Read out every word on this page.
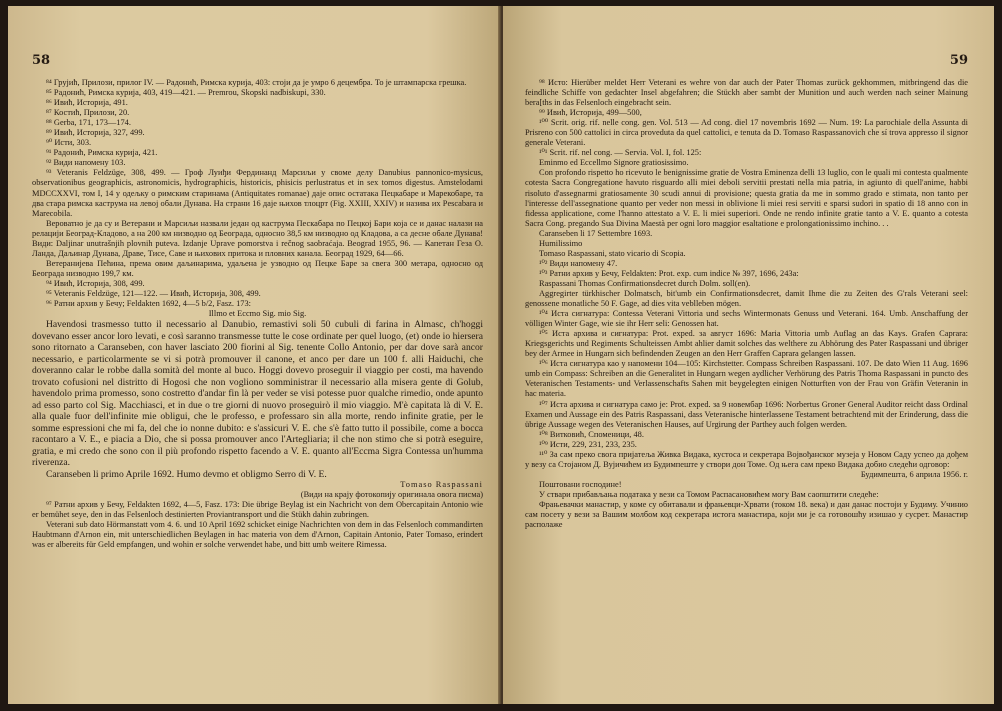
58

⁸⁴ Грујић, Прилози, прилог IV. — Радонић, Римска курија, 403: стоји да је умро 6 децембра. То је штампарска грешка.

⁸⁵ Радонић, Римска курија, 403, 419—421. — Premrou, Skopski nadbiskupi, 330.

⁸⁶ Ивић, Историја, 491.

⁸⁷ Костић, Прилози, 20.

⁸⁸ Gerba, 171, 173—174.

⁸⁹ Ивић, Историја, 327, 499.

⁹⁰ Исти, 303.

⁹¹ Радонић, Римска курија, 421.

⁹² Види напомену 103.

⁹³ Veteranis Feldzüge, 308, 499. — Гроф Луиђи Фердинанд Марсиљи у своме делу Danubius pannonico-mysicus, observationibus geographicis, astronomicis, hydrographicis, historicis, phisicis perlustratus et in sex tomos digestus. Amstelodami MDCCXXVI, том I, 14 у одељку о римским старинама (Antiquitates romanae) даје опис остатака Пецкабаре и Марекобаре, та два стара римска каструма на левој обали Дунава. На страни 16 даје њихов тлоцрт (Fig. XXIII, XXIV) и назива их Pescabara и Marecobila.

Вероватно је да су и Ветерани и Марсиљи назвали један од каструма Пескабара по Пецкој Бари која се и данас налази на релацији Београд-Кладово, а на 200 км низводно од Београда, односно 38,5 км низводно од Кладова, а са десне обале Дунава! Види: Daljinar unutrašnjih plovnih puteva. Izdanje Uprave pomorstva i rečnog saobraćaja. Beograd 1955, 96. — Капетан Геза О. Ландa, Даљинар Дунава, Драве, Тисе, Саве и њихових притока и пловних канала. Београд 1929, 64—66.

Ветеранијева Пећина, према овим даљинарима, удаљена је узводно од Пецке Баре за свега 300 метара, односно од Београда низводно 199,7 км.

⁹⁴ Ивић, Историја, 308, 499.

⁹⁵ Veteranis Feldzüge, 121—122. — Ивић, Историја, 308, 499.

⁹⁶ Ратни архив у Бечу; Feldakten 1692, 4—5 b/2, Fasz. 173:

Illmo et Eccmo Sig. mio Sig.

Havendosi trasmesso tutto il necessario al Danubio, remastivi soli 50 cubuli di farina in Almasc, ch'hoggi dovevano esser ancor loro levati, e così saranno transmesse tutte le cose ordinate per quel luogo, (et) onde io hiersera sono ritornato a Caranseben, con haver lasciato 200 fiorini al Sig. tenente Collo Antonio, per dar dove sarà ancor necessario, e particolarmente se vi si potrà promouver il canone, et anco per dare un 100 f. alli Haiduchi, che doveranno calar le robbe dalla somità del monte al buco. Hoggi dovevo proseguir il viaggio per costi, ma havendo trovato cofusioni nel distritto di Hogosi che non vogliono somministrar il necessario alla misera gente di Golub, havendolo prima promesso, sono costretto d'andar fin là per veder se visi potesse puor qualche rimedio, onde apunto ad esso parto col Sig. Macchiasci, et in due o tre giorni di nuovo proseguirò il mio viaggio. M'è capitata là di V. E. alla quale fuor dell'infinite mie obligui, che le professo, e professaro sin alla morte, rendo infinite gratie, per le somme espressioni che mi fa, del che io nonne dubito: e s'assicuri V. E. che s'è fatto tutto il possibile, come a bocca racontaro a V. E., e piacia a Dio, che si possa promouver anco l'Artegliaria; il che non stimo che si potrà eseguire, gratia, e mi credo che sono con il più profondo rispetto facendo a V. E. quanto all'Eccma Sigra Contessa un'humma riverenza.

Caranseben li primo Aprile 1692. Humo devmo et obligmo Serro di V. E.

Tomaso Raspassani

(Види на крају фотокопију оригинала овога писма)

⁹⁷ Ратни архив у Бечу, Feldakten 1692, 4—5, Fasz. 173: Die übrige Beylag ist ein Nachricht von dem Obercapitain Antonio wie er bemühet seye, den in das Felsenloch destinierten Proviantransport und die Stükh dahin zubringen.

Veterani sub dato Hörmanstatt vom 4. 6. und 10 April 1692 schicket einige Nachrichten von dem in das Felsenloch commandirten Haubtmann d'Arnon ein, mit unterschiedlichen Beylagen in hac materia von dem d'Arnon, Capitain Antonio, Pater Tomaso, erindert was er albereits für Geld empfangen, und wohin er solche verwendet habe, und bitt umb weitere Rimessa.

59

⁹⁸ Исто: Hierüber meldet Herr Veterani es wehre von dar auch der Pater Thomas zurück gekhommen, mitbringend das die feindliche Schiffe von gedachter Insel abgefahren; die Stückh aber sambt der Munition und auch werden nach seiner Mainung bera[ths in das Felsenloch eingebracht sein.

⁹⁹ Ивић, Историја, 499—500,

¹⁰⁰ Scrit. orig. rif. nelle cong. gen. Vol. 513 — Ad cong. diel 17 novembris 1692 — Num. 19: La parochiale della Assunta di Prisreno con 500 cattolici in circa proveduta da quel cattolici, e tenuta da D. Tomaso Raspassanovich che sí trova appresso il signor generale Veterani.

¹⁰¹ Scrit. rif. nel cong. — Servia. Vol. I, fol. 125:

Eminmo ed Eccellmo Signore gratiosissimo.

Con profondo rispetto ho ricevuto le benignissime gratie de Vostra Eminenza delli 13 luglio, con le quali mi contesta qualmente cotesta Sacra Congregatione havuto risguardo alli miei deboli servitii prestati nella mia patria, in agiunto di quell'anime, habbi risoluto d'assegnarmi gratiosamente 30 scudi annui di provisione; questa gratia da me in sommo grado e stimata, non tanto per l'interesse dell'assegnatione quanto per veder non messi in oblivione li miei resi serviti e sparsi sudori in spatio di 18 anno con in fidessa applicatione, come l'hanno attestato a V. E. li miei superiori. Onde ne rendo infinite gratie tanto a V. E. quanto a cotesta Sacra Cong. pregando Sua Divina Maestà per ogni loro maggior esaltatione e prolongationissimo inchino. . .

Caranseben li 17 Settembre 1693.

Humilissimo

Tomaso Raspassani, stato vicario di Scopia.

¹⁰² Види напомену 47.

¹⁰³ Ратни архив у Бечу, Feldakten: Prot. exp. cum indice № 397, 1696, 243a:

Raspassani Thomas Confirmationsdecret durch Dolm. soll(en).

Aggregirter türkhischer Dolmatsch, bit'umb ein Confirmationsdecret, damit Ihme die zu Zeiten des G'rals Veterani seel: genossene monatliche 50 F. Gage, ad dies vita veblleben mögen.

¹⁰⁴ Иста сигнатура: Contessa Veterani Vittoria und sechs Wintermonats Genuss und Veterani. 164. Umb. Anschaffung der völligen Winter Gage, wie sie ihr Herr seli: Genossen hat.

¹⁰⁵ Иста архива и сигнатура: Prot. exped. за август 1696: Maria Vittoria umb Auflag an das Kays. Grafen Caprara: Kriegsgerichts und Regiments Schulteissen Ambt ahlier damit solches das welthere zu Abhörung des Pater Raspassani und übriger bey der Armee in Hungarn sich befindenden Zeugen an den Herr Graffen Caprara gelangen lassen.

¹⁰⁶ Иста сигнатура као у напомени 104—105: Kirchstetter. Compass Schreiben Raspassani. 107. De dato Wien 11 Aug. 1696 umb ein Compass: Schreiben an die Generalitet in Hungarn wegen aydlicher Verhörung des Patris Thoma Raspassani in puncto des Veteranischen Testaments- und Verlassenschafts Sahen mit beygelegten einigen Notturften von der Frau von Gräfin Veteranin in hac materia.

¹⁰⁷ Иста архива и сигнатура само је: Prot. exped. за 9 новембар 1696: Norbertus Groner General Auditor reicht dass Ordinal Examen und Aussage ein des Patris Raspassani, dass Veteranische hinterlassene Testament betrachtend mit der Erinderung, dass die übrige Aussage wegen des Veteranischen Hauses, auf Urgirung der Parthey auch folgen werden.

¹⁰⁸ Витковић, Споменици, 48.

¹⁰⁹ Исти, 229, 231, 233, 235.

¹¹⁰ За сам преко свога пријатеља Живка Видака, кустоса и секретара Војвођанског музеја у Новом Саду успео да дођем у везу са Стојаном Д. Вујичићем из Будимпеште у створи дон Томе. Од њега сам преко Видака добио следећи одговор:

Будимпешта, 6 априла 1956. г.

Поштовани господине!

У ствари прибављања података у вези са Томом Распасановићем могу Вам саопштити следеће:

Фрањевачки манастир, у коме су обитавали и фрањевци-Хрвати (током 18. века) и дан данас постоји у Будиму. Учинио сам посету у вези за Вашим молбом код секретара истога манастира, који ми је са готовошћу изишао у сусрет. Манастир располаже
